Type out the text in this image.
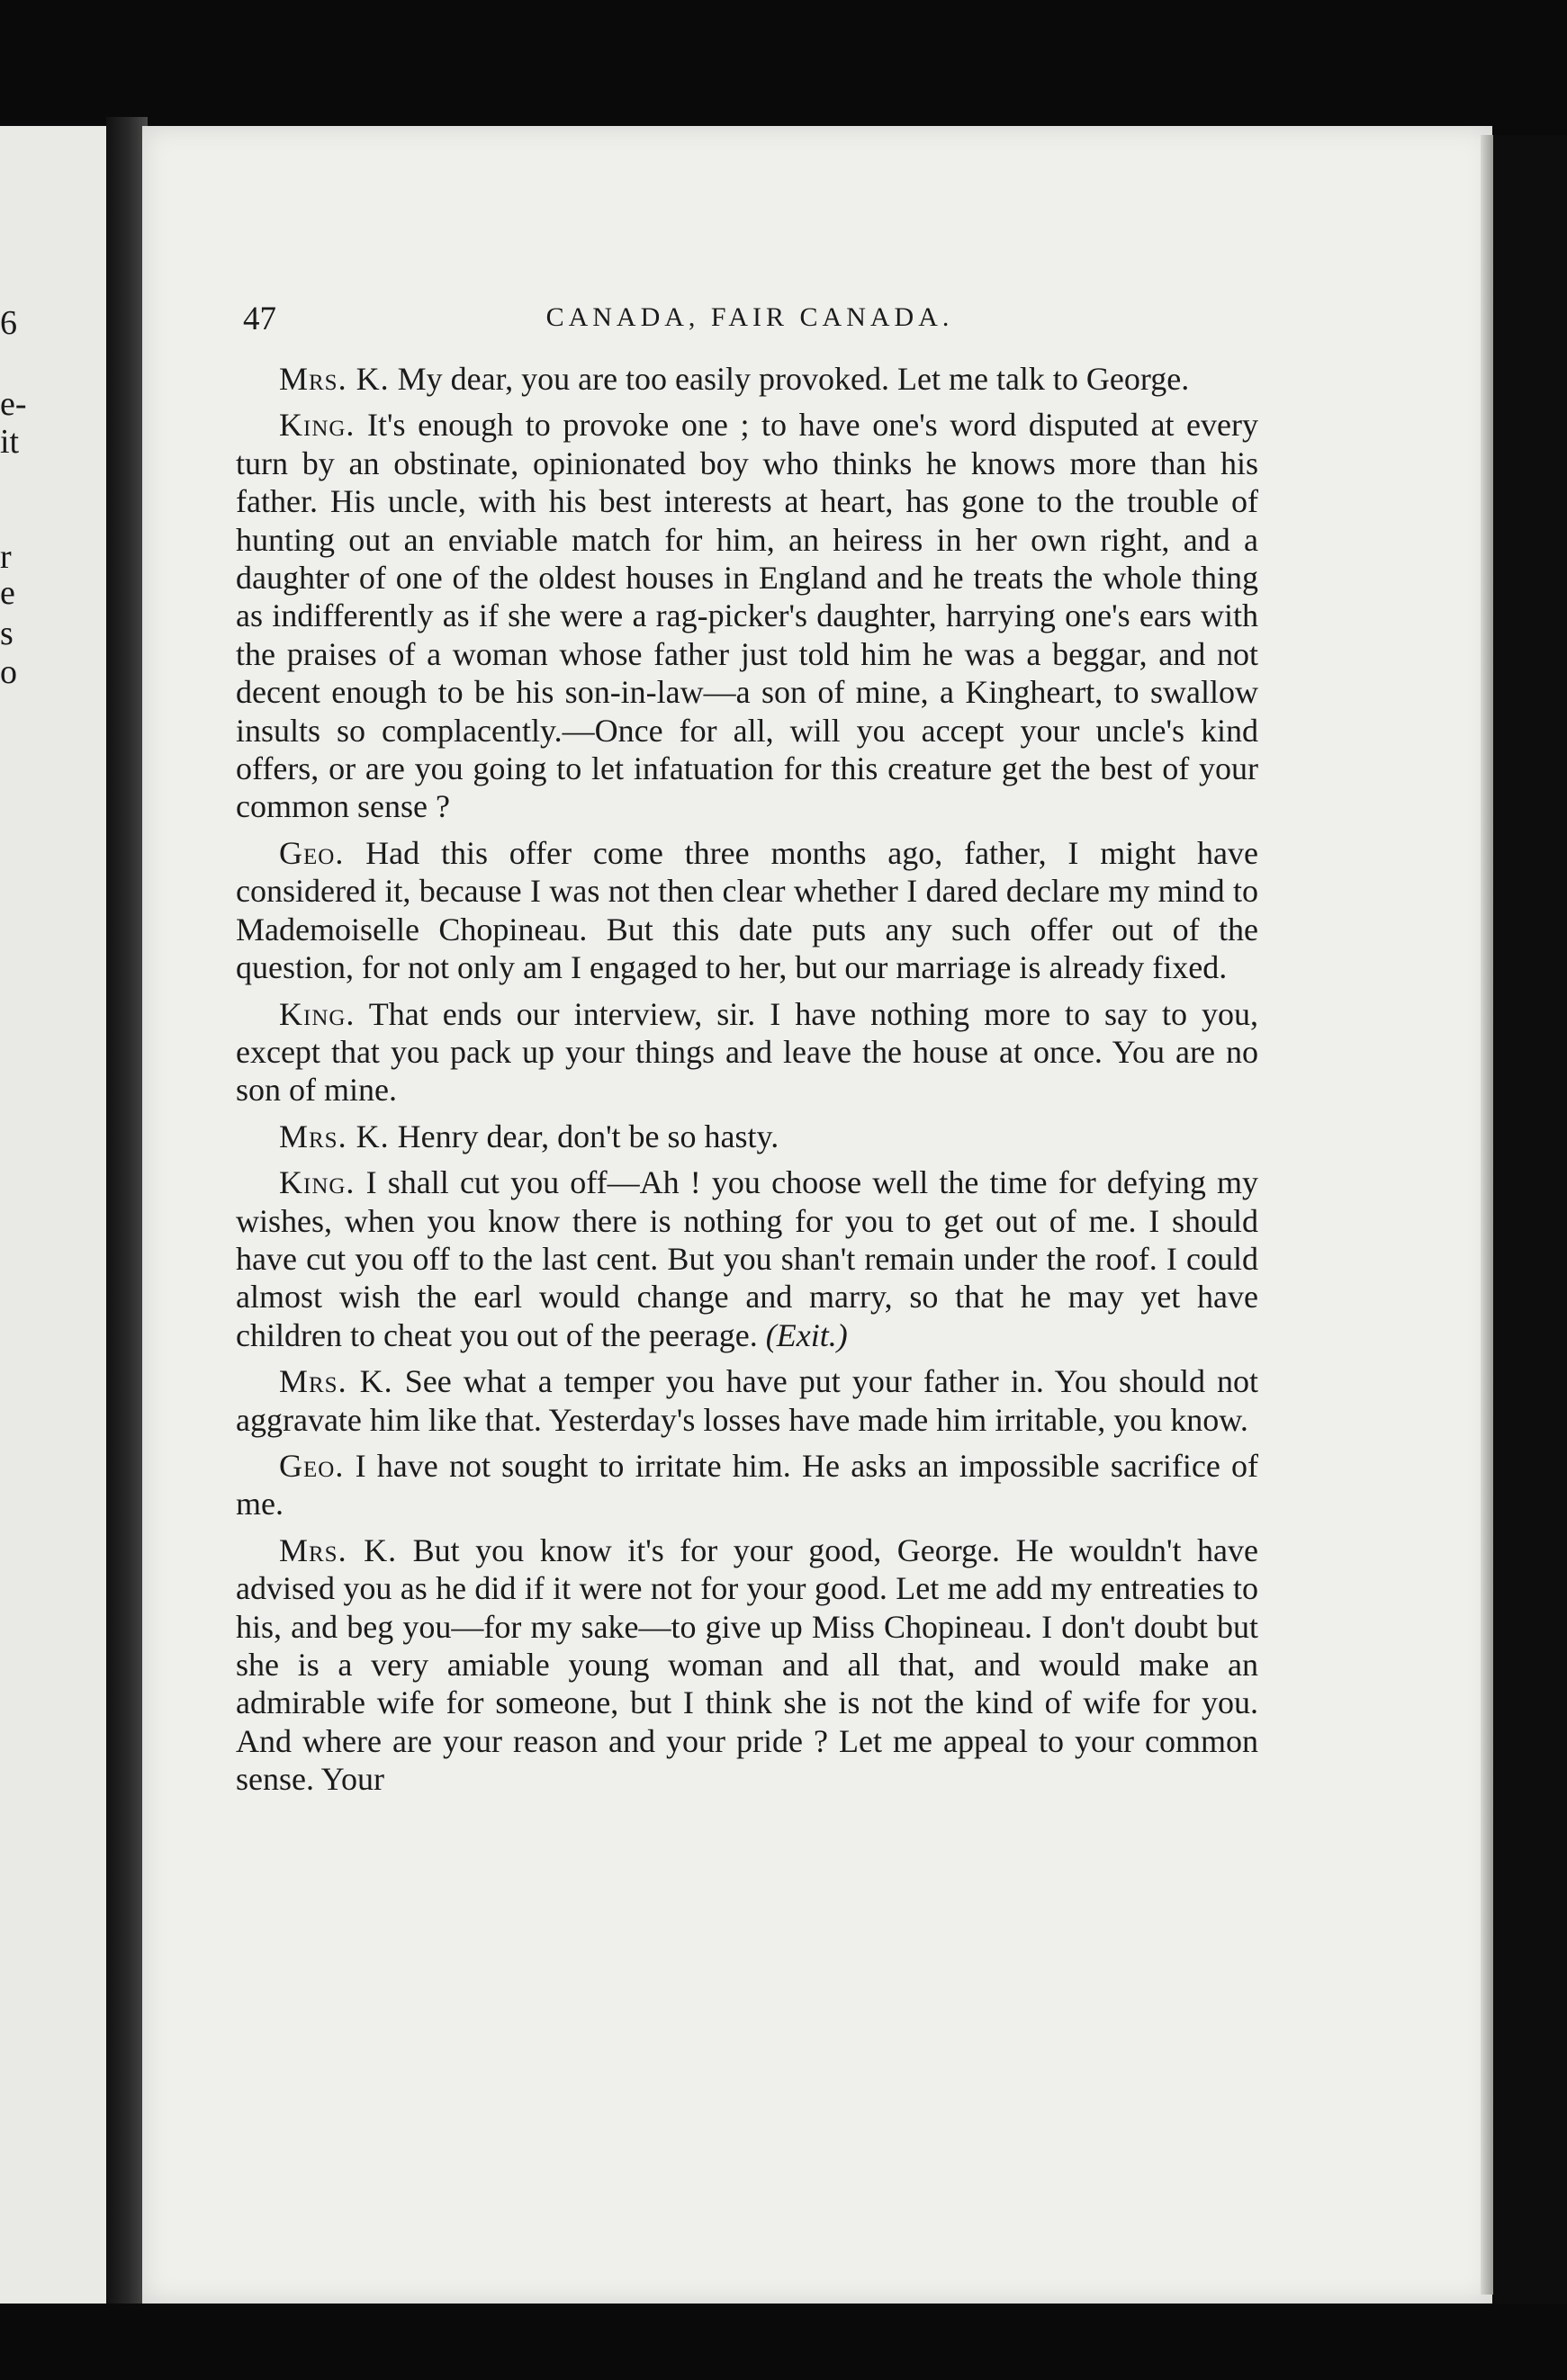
6
e-
it
r
e
s
o
47	CANADA, FAIR CANADA.

Mrs. K. My dear, you are too easily provoked. Let me talk to George.

King. It's enough to provoke one ; to have one's word disputed at every turn by an obstinate, opinionated boy who thinks he knows more than his father. His uncle, with his best interests at heart, has gone to the trouble of hunting out an enviable match for him, an heiress in her own right, and a daughter of one of the oldest houses in England and he treats the whole thing as indifferently as if she were a rag-picker's daughter, harrying one's ears with the praises of a woman whose father just told him he was a beggar, and not decent enough to be his son-in-law—a son of mine, a Kingheart, to swallow insults so complacently.—Once for all, will you accept your uncle's kind offers, or are you going to let infatuation for this creature get the best of your common sense ?

Geo. Had this offer come three months ago, father, I might have considered it, because I was not then clear whether I dared declare my mind to Mademoiselle Chopineau. But this date puts any such offer out of the question, for not only am I engaged to her, but our marriage is already fixed.

King. That ends our interview, sir. I have nothing more to say to you, except that you pack up your things and leave the house at once. You are no son of mine.

Mrs. K. Henry dear, don't be so hasty.

King. I shall cut you off—Ah ! you choose well the time for defying my wishes, when you know there is nothing for you to get out of me. I should have cut you off to the last cent. But you shan't remain under the roof. I could almost wish the earl would change and marry, so that he may yet have children to cheat you out of the peerage. (Exit.)

Mrs. K. See what a temper you have put your father in. You should not aggravate him like that. Yesterday's losses have made him irritable, you know.

Geo. I have not sought to irritate him. He asks an impossible sacrifice of me.

Mrs. K. But you know it's for your good, George. He wouldn't have advised you as he did if it were not for your good. Let me add my entreaties to his, and beg you—for my sake—to give up Miss Chopineau. I don't doubt but she is a very amiable young woman and all that, and would make an admirable wife for someone, but I think she is not the kind of wife for you. And where are your reason and your pride ? Let me appeal to your common sense. Your
